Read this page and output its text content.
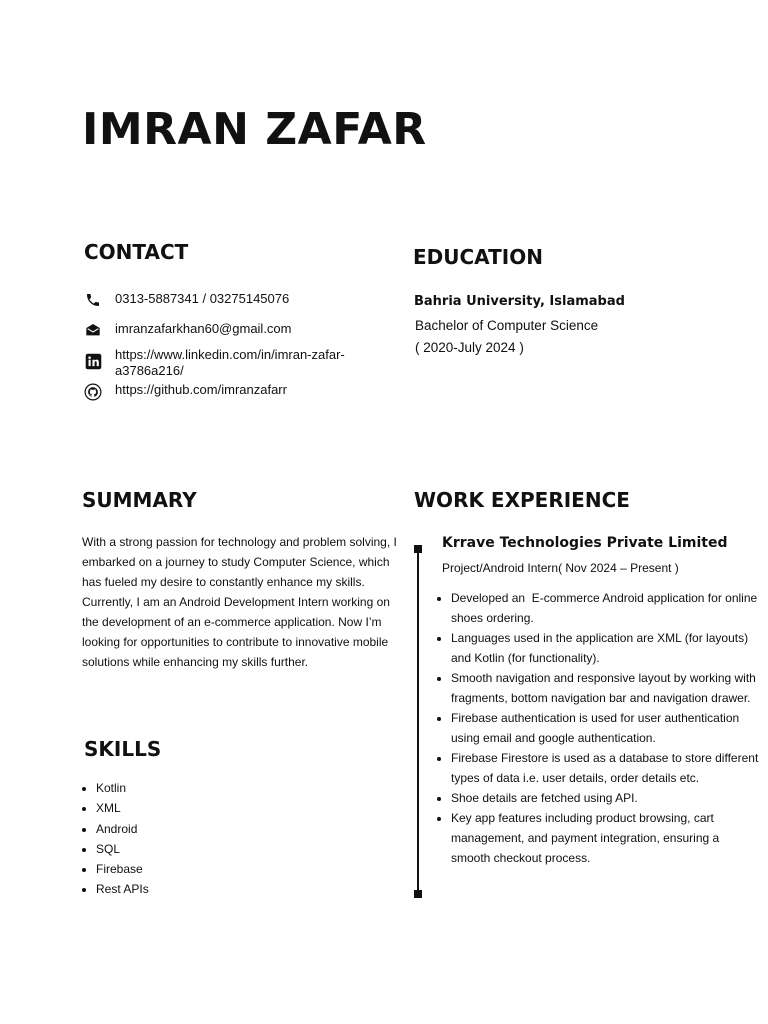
IMRAN ZAFAR
CONTACT
0313-5887341 / 03275145076
imranzafarkhan60@gmail.com
https://www.linkedin.com/in/imran-zafar-a3786a216/
https://github.com/imranzafarr
EDUCATION
Bahria University, Islamabad
Bachelor of Computer Science
( 2020-July 2024 )
SUMMARY

With a strong passion for technology and problem solving, I embarked on a journey to study Computer Science, which has fueled my desire to constantly enhance my skills. Currently, I am an Android Development Intern working on the development of an e-commerce application. Now I’m looking for opportunities to contribute to innovative mobile solutions while enhancing my skills further.

SKILLS
• Kotlin
• XML
• Android
• SQL
• Firebase
• Rest APIs
WORK EXPERIENCE
Krrave Technologies Private Limited
Project/Android Intern( Nov 2024 – Present )
• Developed an  E-commerce Android application for online shoes ordering.
• Languages used in the application are XML (for layouts) and Kotlin (for functionality).
• Smooth navigation and responsive layout by working with fragments, bottom navigation bar and navigation drawer.
• Firebase authentication is used for user authentication using email and google authentication.
• Firebase Firestore is used as a database to store different types of data i.e. user details, order details etc.
• Shoe details are fetched using API.
• Key app features including product browsing, cart management, and payment integration, ensuring a smooth checkout process.
